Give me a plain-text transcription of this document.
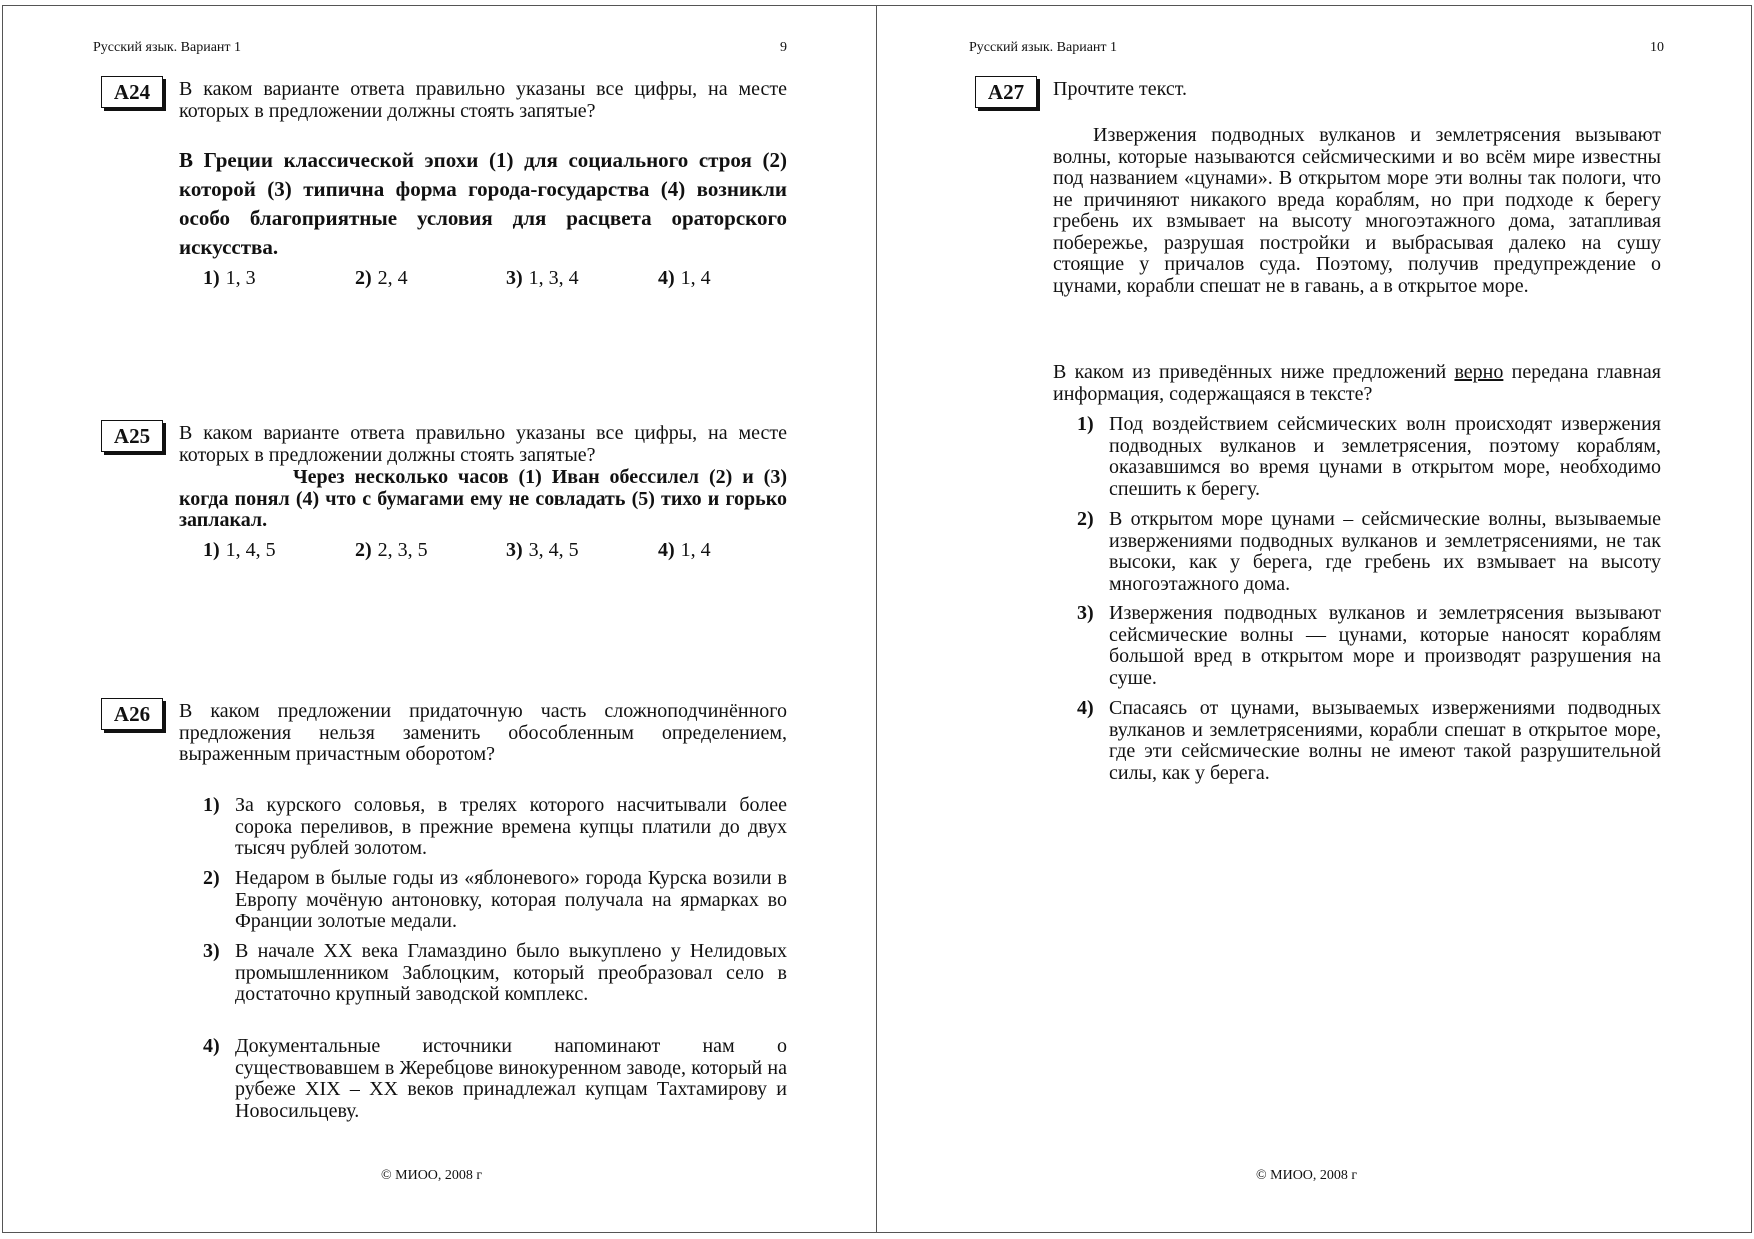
Русский язык. Вариант 1	9
А24	В каком варианте ответа правильно указаны все цифры, на месте которых в предложении должны стоять запятые?
В Греции классической эпохи (1) для социального строя (2) которой (3) типична форма города-государства (4) возникли особо благоприятные условия для расцвета ораторского искусства.
1) 1, 3	2) 2, 4	3) 1, 3, 4	4) 1, 4
А25	В каком варианте ответа правильно указаны все цифры, на месте которых в предложении должны стоять запятые?
Через несколько часов (1) Иван обессилел (2) и (3) когда понял (4) что с бумагами ему не совладать (5) тихо и горько заплакал.
1) 1, 4, 5	2) 2, 3, 5	3) 3, 4, 5	4) 1, 4
А26	В каком предложении придаточную часть сложноподчинённого предложения нельзя заменить обособленным определением, выраженным причастным оборотом?
1) За курского соловья, в трелях которого насчитывали более сорока переливов, в прежние времена купцы платили до двух тысяч рублей золотом.
2) Недаром в былые годы из «яблоневого» города Курска возили в Европу мочёную антоновку, которая получала на ярмарках во Франции золотые медали.
3) В начале XX века Гламаздино было выкуплено у Нелидовых промышленником Заблоцким, который преобразовал село в достаточно крупный заводской комплекс.
4) Документальные источники напоминают нам о существовавшем в Жеребцове винокуренном заводе, который на рубеже XIX – XX веков принадлежал купцам Тахтамирову и Новосильцеву.
© МИОО, 2008 г
Русский язык. Вариант 1	10
А27	Прочтите текст.
Извержения подводных вулканов и землетрясения вызывают волны, которые называются сейсмическими и во всём мире известны под названием «цунами». В открытом море эти волны так пологи, что не причиняют никакого вреда кораблям, но при подходе к берегу гребень их взмывает на высоту многоэтажного дома, затапливая побережье, разрушая постройки и выбрасывая далеко на сушу стоящие у причалов суда. Поэтому, получив предупреждение о цунами, корабли спешат не в гавань, а в открытое море.
В каком из приведённых ниже предложений верно передана главная информация, содержащаяся в тексте?
1) Под воздействием сейсмических волн происходят извержения подводных вулканов и землетрясения, поэтому кораблям, оказавшимся во время цунами в открытом море, необходимо спешить к берегу.
2) В открытом море цунами – сейсмические волны, вызываемые извержениями подводных вулканов и землетрясениями, не так высоки, как у берега, где гребень их взмывает на высоту многоэтажного дома.
3) Извержения подводных вулканов и землетрясения вызывают сейсмические волны — цунами, которые наносят кораблям большой вред в открытом море и производят разрушения на суше.
4) Спасаясь от цунами, вызываемых извержениями подводных вулканов и землетрясениями, корабли спешат в открытое море, где эти сейсмические волны не имеют такой разрушительной силы, как у берега.
© МИОО, 2008 г
